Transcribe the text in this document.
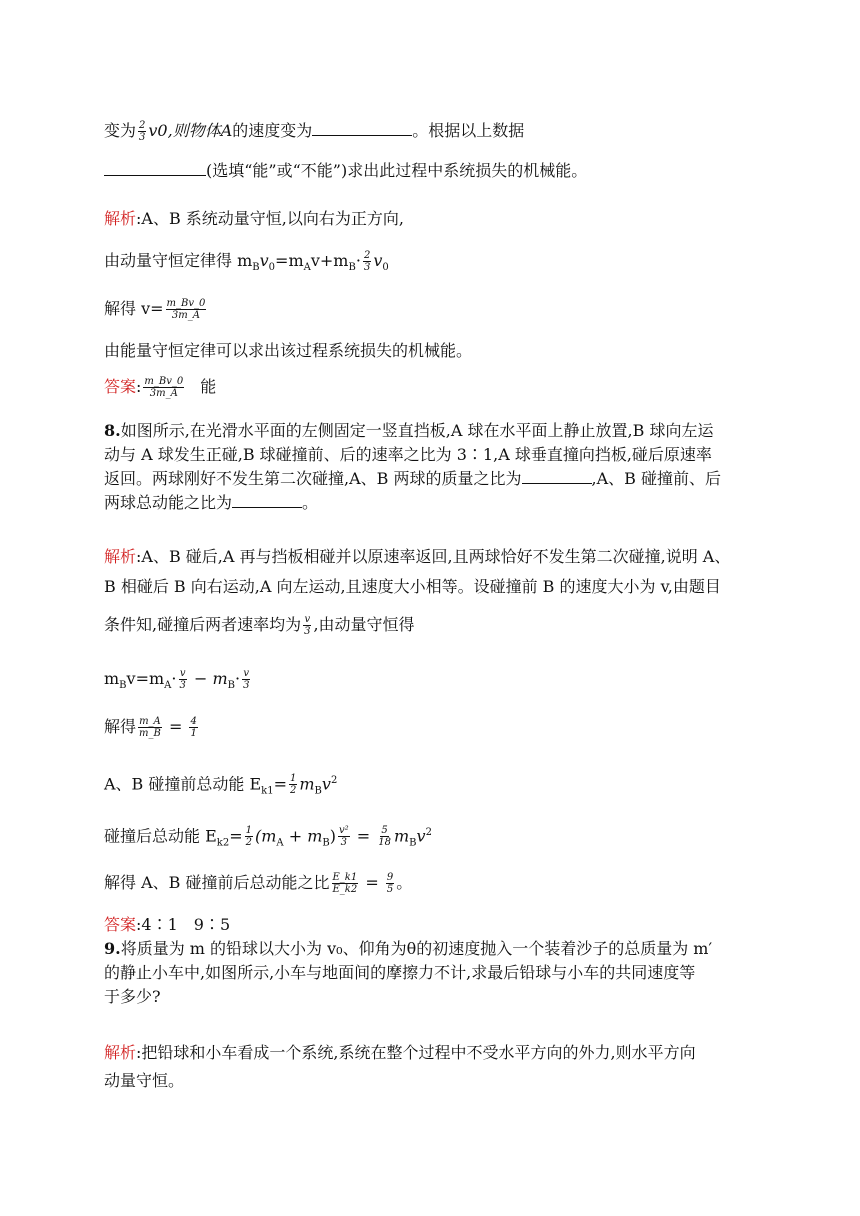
变为 $\frac{2}{3} v0$,则物体A的速度变为	。根据以上数据
(选填“能”或“不能”)求出此过程中系统损失的机械能。
解析:A、B 系统动量守恒,以向右为正方向,
由动量守恒定律得 $m_Bv_0=m_Av+m_B\cdot \frac{2}{3} v_0$
解得 $v= \frac{m\_Bv\_0}{3m\_A}$
由能量守恒定律可以求出该过程系统损失的机械能。
答案: $\frac{m\_Bv\_0}{3m\_A}$ 能
8.如图所示,在光滑水平面的左侧固定一竖直挡板,A 球在水平面上静止放置,B 球向左运
动与 A 球发生正碰,B 球碰撞前、后的速率之比为 3∶1,A 球垂直撞向挡板,碰后原速率
返回。两球刚好不发生第二次碰撞,A、B 两球的质量之比为	,A、B 碰撞前、后
两球总动能之比为	。
解析:A、B 碰后,A 再与挡板相碰并以原速率返回,且两球恰好不发生第二次碰撞,说明 A、
B 相碰后 B 向右运动,A 向左运动,且速度大小相等。设碰撞前 B 的速度大小为 v,由题目
条件知,碰撞后两者速率均为 $\frac{v}{3}$ ,由动量守恒得
$m_Bv=m_A\cdot \frac{v}{3} - m_B\cdot \frac{v}{3}$
解得 $\frac{m\_A}{m\_B} = \frac{4}{1}$
A、B 碰撞前总动能 $E_{k1}= \frac{1}{2} m_Bv^2$
碰撞后总动能 $E_{k2}= \frac{1}{2} (m_A + m_B) \frac{\text{v²}}{3} = \frac{5}{18} m_Bv^2$
解得 A、B 碰撞前后总动能之比 $\frac{E\_k1}{E\_k2} = \frac{9}{5}$ 。
答案:4∶1　9∶5
9.将质量为 m 的铅球以大小为 v₀、仰角为θ的初速度抛入一个装着沙子的总质量为 m′
的静止小车中,如图所示,小车与地面间的摩擦力不计,求最后铅球与小车的共同速度等
于多少?
解析:把铅球和小车看成一个系统,系统在整个过程中不受水平方向的外力,则水平方向
动量守恒。
